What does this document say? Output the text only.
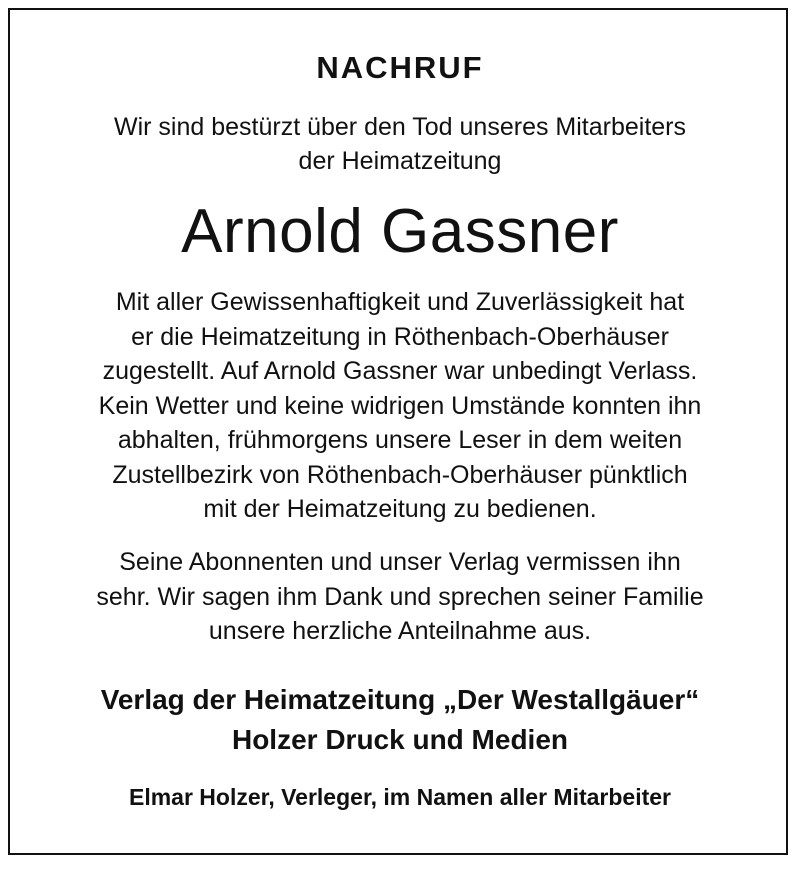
NACHRUF
Wir sind bestürzt über den Tod unseres Mitarbeiters
der Heimatzeitung
Arnold Gassner
Mit aller Gewissenhaftigkeit und Zuverlässigkeit hat
er die Heimatzeitung in Röthenbach-Oberhäuser
zugestellt. Auf Arnold Gassner war unbedingt Verlass.
Kein Wetter und keine widrigen Umstände konnten ihn
abhalten, frühmorgens unsere Leser in dem weiten
Zustellbezirk von Röthenbach-Oberhäuser pünktlich
mit der Heimatzeitung zu bedienen.
Seine Abonnenten und unser Verlag vermissen ihn
sehr. Wir sagen ihm Dank und sprechen seiner Familie
unsere herzliche Anteilnahme aus.
Verlag der Heimatzeitung „Der Westallgäuer“
Holzer Druck und Medien
Elmar Holzer, Verleger, im Namen aller Mitarbeiter
